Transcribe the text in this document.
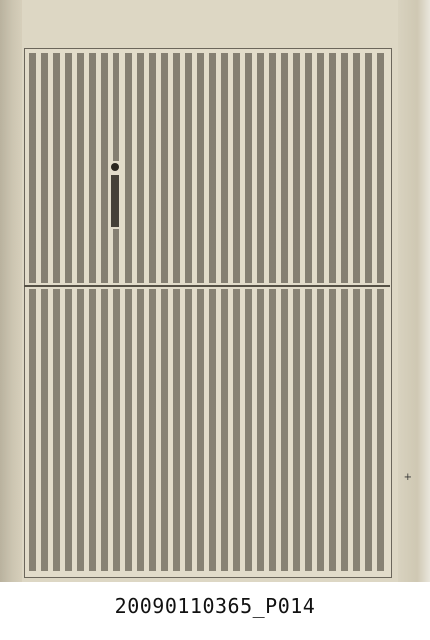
+
20090110365_P014
